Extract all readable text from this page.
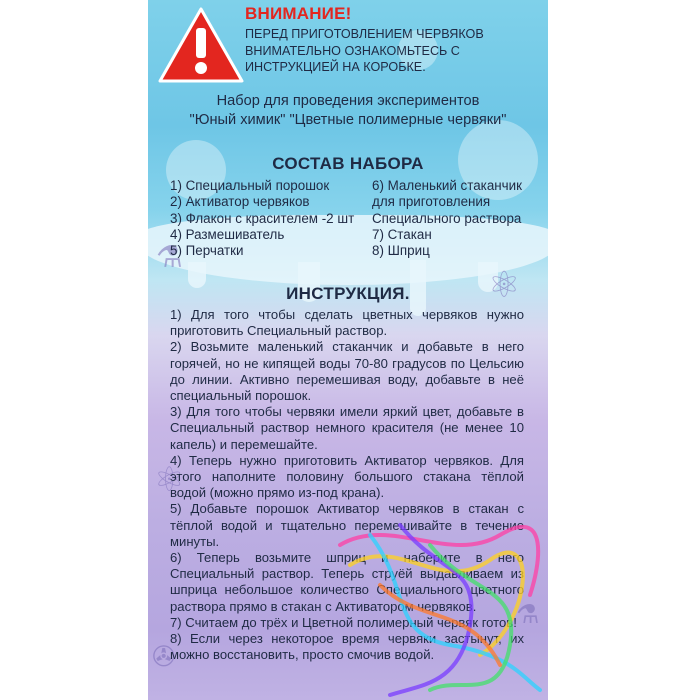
⚛
⚛
⚗
⚗
✇
ВНИМАНИЕ!
ПЕРЕД ПРИГОТОВЛЕНИЕМ ЧЕРВЯКОВ
ВНИМАТЕЛЬНО ОЗНАКОМЬТЕСЬ С
ИНСТРУКЦИЕЙ НА КОРОБКЕ.
Набор для проведения экспериментов
"Юный химик" "Цветные полимерные червяки"
СОСТАВ НАБОРА
1) Специальный порошок
2) Активатор червяков
3) Флакон с красителем -2 шт
4) Размешиватель
5) Перчатки
6) Маленький стаканчик
для приготовления
Специального раствора
7) Стакан
8) Шприц
ИНСТРУКЦИЯ.

1) Для того чтобы сделать цветных червяков нужно приготовить Специальный раствор.

2) Возьмите маленький стаканчик и добавьте в него горячей, но не кипящей воды 70-80 градусов по Цельсию до линии. Активно перемешивая воду, добавьте в неё специальный порошок.

3) Для того чтобы червяки имели яркий цвет, добавьте в Специальный раствор немного красителя (не менее 10 капель) и перемешайте.

4) Теперь нужно приготовить Активатор червяков. Для этого наполните половину большого стакана тёплой водой (можно прямо из-под крана).

5) Добавьте порошок Активатор червяков в стакан с тёплой водой и тщательно перемешивайте в течение минуты.

6) Теперь возьмите шприц и наберите в него Специальный раствор. Теперь струёй выдавливаем из шприца небольшое количество Специального цветного раствора прямо в стакан с Активатором червяков.

7) Считаем до трёх и Цветной полимерный червяк готов!

8) Если через некоторое время червяки застынут, их можно восстановить, просто смочив водой.
